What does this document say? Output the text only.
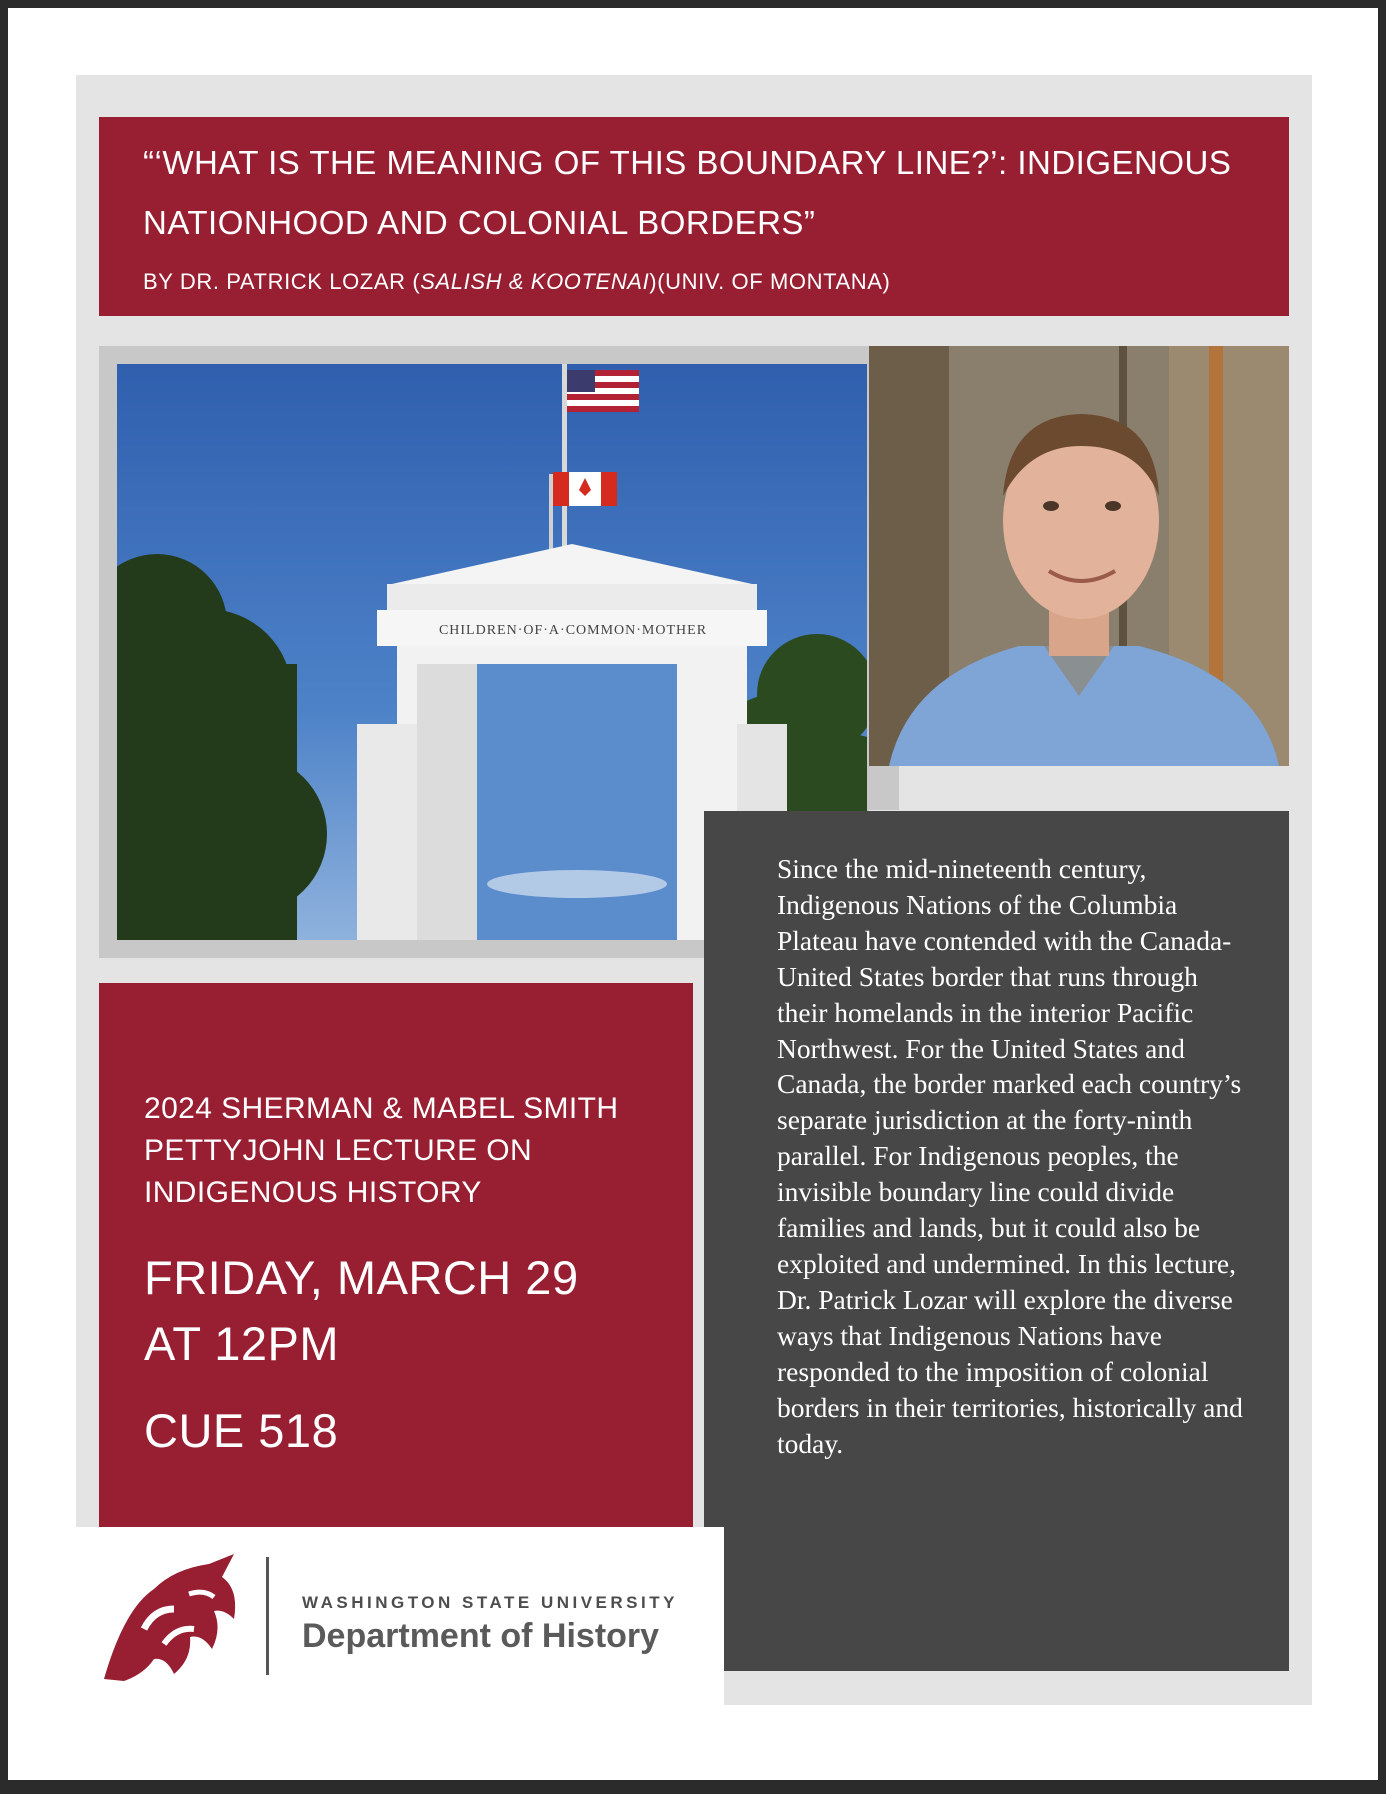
“‘WHAT IS THE MEANING OF THIS BOUNDARY LINE?’: INDIGENOUS NATIONHOOD AND COLONIAL BORDERS”

BY DR. PATRICK LOZAR (SALISH & KOOTENAI)(UNIV. OF MONTANA)

CHILDREN·OF·A·COMMON·MOTHER

2024 SHERMAN & MABEL SMITH PETTYJOHN LECTURE ON INDIGENOUS HISTORY

FRIDAY, MARCH 29
AT 12PM

CUE 518

Since the mid-nineteenth century, Indigenous Nations of the Columbia Plateau have contended with the Canada-United States border that runs through their homelands in the interior Pacific Northwest. For the United States and Canada, the border marked each country’s separate jurisdiction at the forty-ninth parallel. For Indigenous peoples, the invisible boundary line could divide families and lands, but it could also be exploited and undermined. In this lecture, Dr. Patrick Lozar will explore the diverse ways that Indigenous Nations have responded to the imposition of colonial borders in their territories, historically and today.

WASHINGTON STATE UNIVERSITY

Department of History
